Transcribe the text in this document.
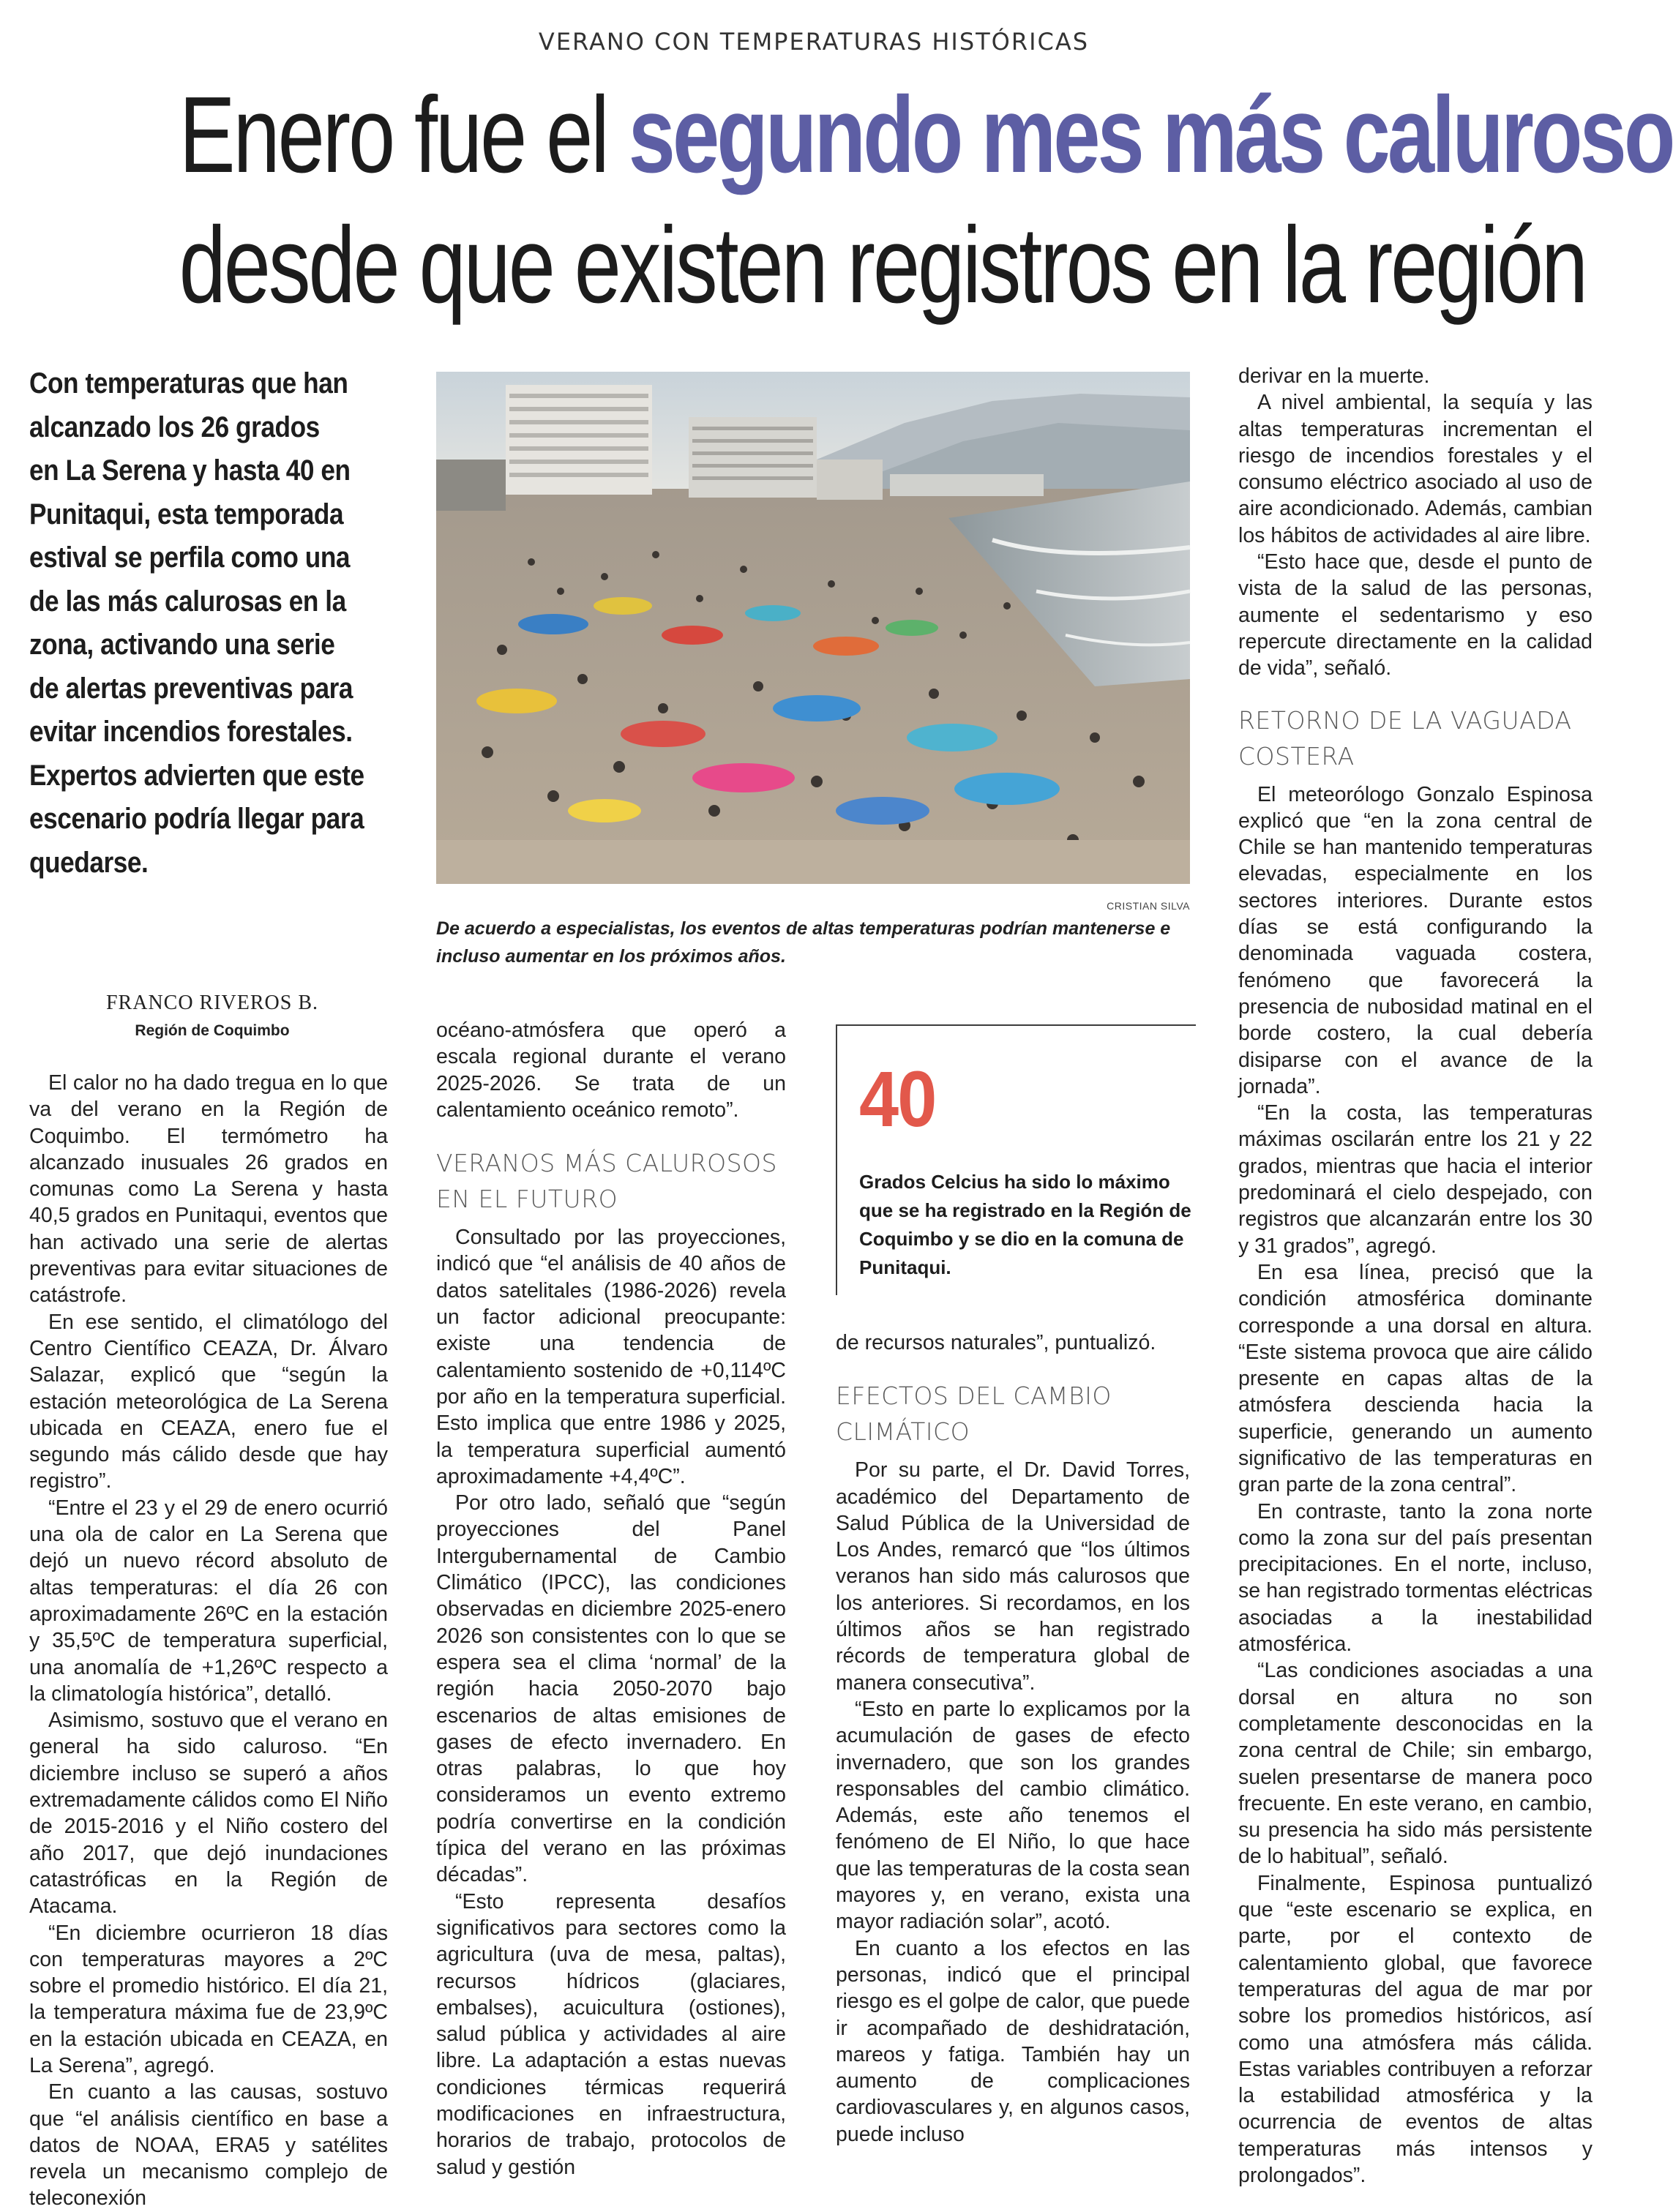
VERANO CON TEMPERATURAS HISTÓRICAS
Enero fue el segundo mes más caluroso
desde que existen registros en la región
Con temperaturas que han
alcanzado los 26 grados
en La Serena y hasta 40 en
Punitaqui, esta temporada
estival se perfila como una
de las más calurosas en la
zona, activando una serie
de alertas preventivas para
evitar incendios forestales.
Expertos advierten que este
escenario podría llegar para
quedarse.
CRISTIAN SILVA
De acuerdo a especialistas, los eventos de altas temperaturas podrían mantenerse e incluso aumentar en los próximos años.
FRANCO RIVEROS B.
Región de Coquimbo

El calor no ha dado tregua en lo que va del verano en la Región de Coquimbo. El termómetro ha alcanzado inusuales 26 grados en comunas como La Serena y hasta 40,5 grados en Punitaqui, eventos que han activado una serie de alertas preventivas para evitar situaciones de catástrofe.

En ese sentido, el climatólogo del Centro Científico CEAZA, Dr. Álvaro Salazar, explicó que “según la estación meteorológica de La Serena ubicada en CEAZA, enero fue el segundo más cálido desde que hay registro”.

“Entre el 23 y el 29 de enero ocurrió una ola de calor en La Serena que dejó un nuevo récord absoluto de altas temperaturas: el día 26 con aproximadamente 26ºC en la estación y 35,5ºC de temperatura superficial, una anomalía de +1,26ºC respecto a la climatología histórica”, detalló.

Asimismo, sostuvo que el verano en general ha sido caluroso. “En diciembre incluso se superó a años extremadamente cálidos como El Niño de 2015-2016 y el Niño costero del año 2017, que dejó inundaciones catastróficas en la Región de Atacama.

“En diciembre ocurrieron 18 días con temperaturas mayores a 2ºC sobre el promedio histórico. El día 21, la temperatura máxima fue de 23,9ºC en la estación ubicada en CEAZA, en La Serena”, agregó.

En cuanto a las causas, sostuvo que “el análisis científico en base a datos de NOAA, ERA5 y satélites revela un mecanismo complejo de teleconexión

océano-atmósfera que operó a escala regional durante el verano 2025-2026. Se trata de un calentamiento oceánico remoto”.

VERANOS MÁS CALUROSOS EN EL FUTURO

Consultado por las proyecciones, indicó que “el análisis de 40 años de datos satelitales (1986-2026) revela un factor adicional preocupante: existe una tendencia de calentamiento sostenido de +0,114ºC por año en la temperatura superficial. Esto implica que entre 1986 y 2025, la temperatura superficial aumentó aproximadamente +4,4ºC”.

Por otro lado, señaló que “según proyecciones del Panel Intergubernamental de Cambio Climático (IPCC), las condiciones observadas en diciembre 2025-enero 2026 son consistentes con lo que se espera sea el clima ‘normal’ de la región hacia 2050-2070 bajo escenarios de altas emisiones de gases de efecto invernadero. En otras palabras, lo que hoy consideramos un evento extremo podría convertirse en la condición típica del verano en las próximas décadas”.

“Esto representa desafíos significativos para sectores como la agricultura (uva de mesa, paltas), recursos hídricos (glaciares, embalses), acuicultura (ostiones), salud pública y actividades al aire libre. La adaptación a estas nuevas condiciones térmicas requerirá modificaciones en infraestructura, horarios de trabajo, protocolos de salud y gestión

40
Grados Celcius ha sido lo máximo que se ha registrado en la Región de Coquimbo y se dio en la comuna de Punitaqui.

de recursos naturales”, puntualizó.

EFECTOS DEL CAMBIO CLIMÁTICO

Por su parte, el Dr. David Torres, académico del Departamento de Salud Pública de la Universidad de Los Andes, remarcó que “los últimos veranos han sido más calurosos que los anteriores. Si recordamos, en los últimos años se han registrado récords de temperatura global de manera consecutiva”.

“Esto en parte lo explicamos por la acumulación de gases de efecto invernadero, que son los grandes responsables del cambio climático. Además, este año tenemos el fenómeno de El Niño, lo que hace que las temperaturas de la costa sean mayores y, en verano, exista una mayor radiación solar”, acotó.

En cuanto a los efectos en las personas, indicó que el principal riesgo es el golpe de calor, que puede ir acompañado de deshidratación, mareos y fatiga. También hay un aumento de complicaciones cardiovasculares y, en algunos casos, puede incluso

derivar en la muerte.

A nivel ambiental, la sequía y las altas temperaturas incrementan el riesgo de incendios forestales y el consumo eléctrico asociado al uso de aire acondicionado. Además, cambian los hábitos de actividades al aire libre.

“Esto hace que, desde el punto de vista de la salud de las personas, aumente el sedentarismo y eso repercute directamente en la calidad de vida”, señaló.

RETORNO DE LA VAGUADA COSTERA

El meteorólogo Gonzalo Espinosa explicó que “en la zona central de Chile se han mantenido temperaturas elevadas, especialmente en los sectores interiores. Durante estos días se está configurando la denominada vaguada costera, fenómeno que favorecerá la presencia de nubosidad matinal en el borde costero, la cual debería disiparse con el avance de la jornada”.

“En la costa, las temperaturas máximas oscilarán entre los 21 y 22 grados, mientras que hacia el interior predominará el cielo despejado, con registros que alcanzarán entre los 30 y 31 grados”, agregó.

En esa línea, precisó que la condición atmosférica dominante corresponde a una dorsal en altura. “Este sistema provoca que aire cálido presente en capas altas de la atmósfera descienda hacia la superficie, generando un aumento significativo de las temperaturas en gran parte de la zona central”.

En contraste, tanto la zona norte como la zona sur del país presentan precipitaciones. En el norte, incluso, se han registrado tormentas eléctricas asociadas a la inestabilidad atmosférica.

“Las condiciones asociadas a una dorsal en altura no son completamente desconocidas en la zona central de Chile; sin embargo, suelen presentarse de manera poco frecuente. En este verano, en cambio, su presencia ha sido más persistente de lo habitual”, señaló.

Finalmente, Espinosa puntualizó que “este escenario se explica, en parte, por el contexto de calentamiento global, que favorece temperaturas del agua de mar por sobre los promedios históricos, así como una atmósfera más cálida. Estas variables contribuyen a reforzar la estabilidad atmosférica y la ocurrencia de eventos de altas temperaturas más intensos y prolongados”.
